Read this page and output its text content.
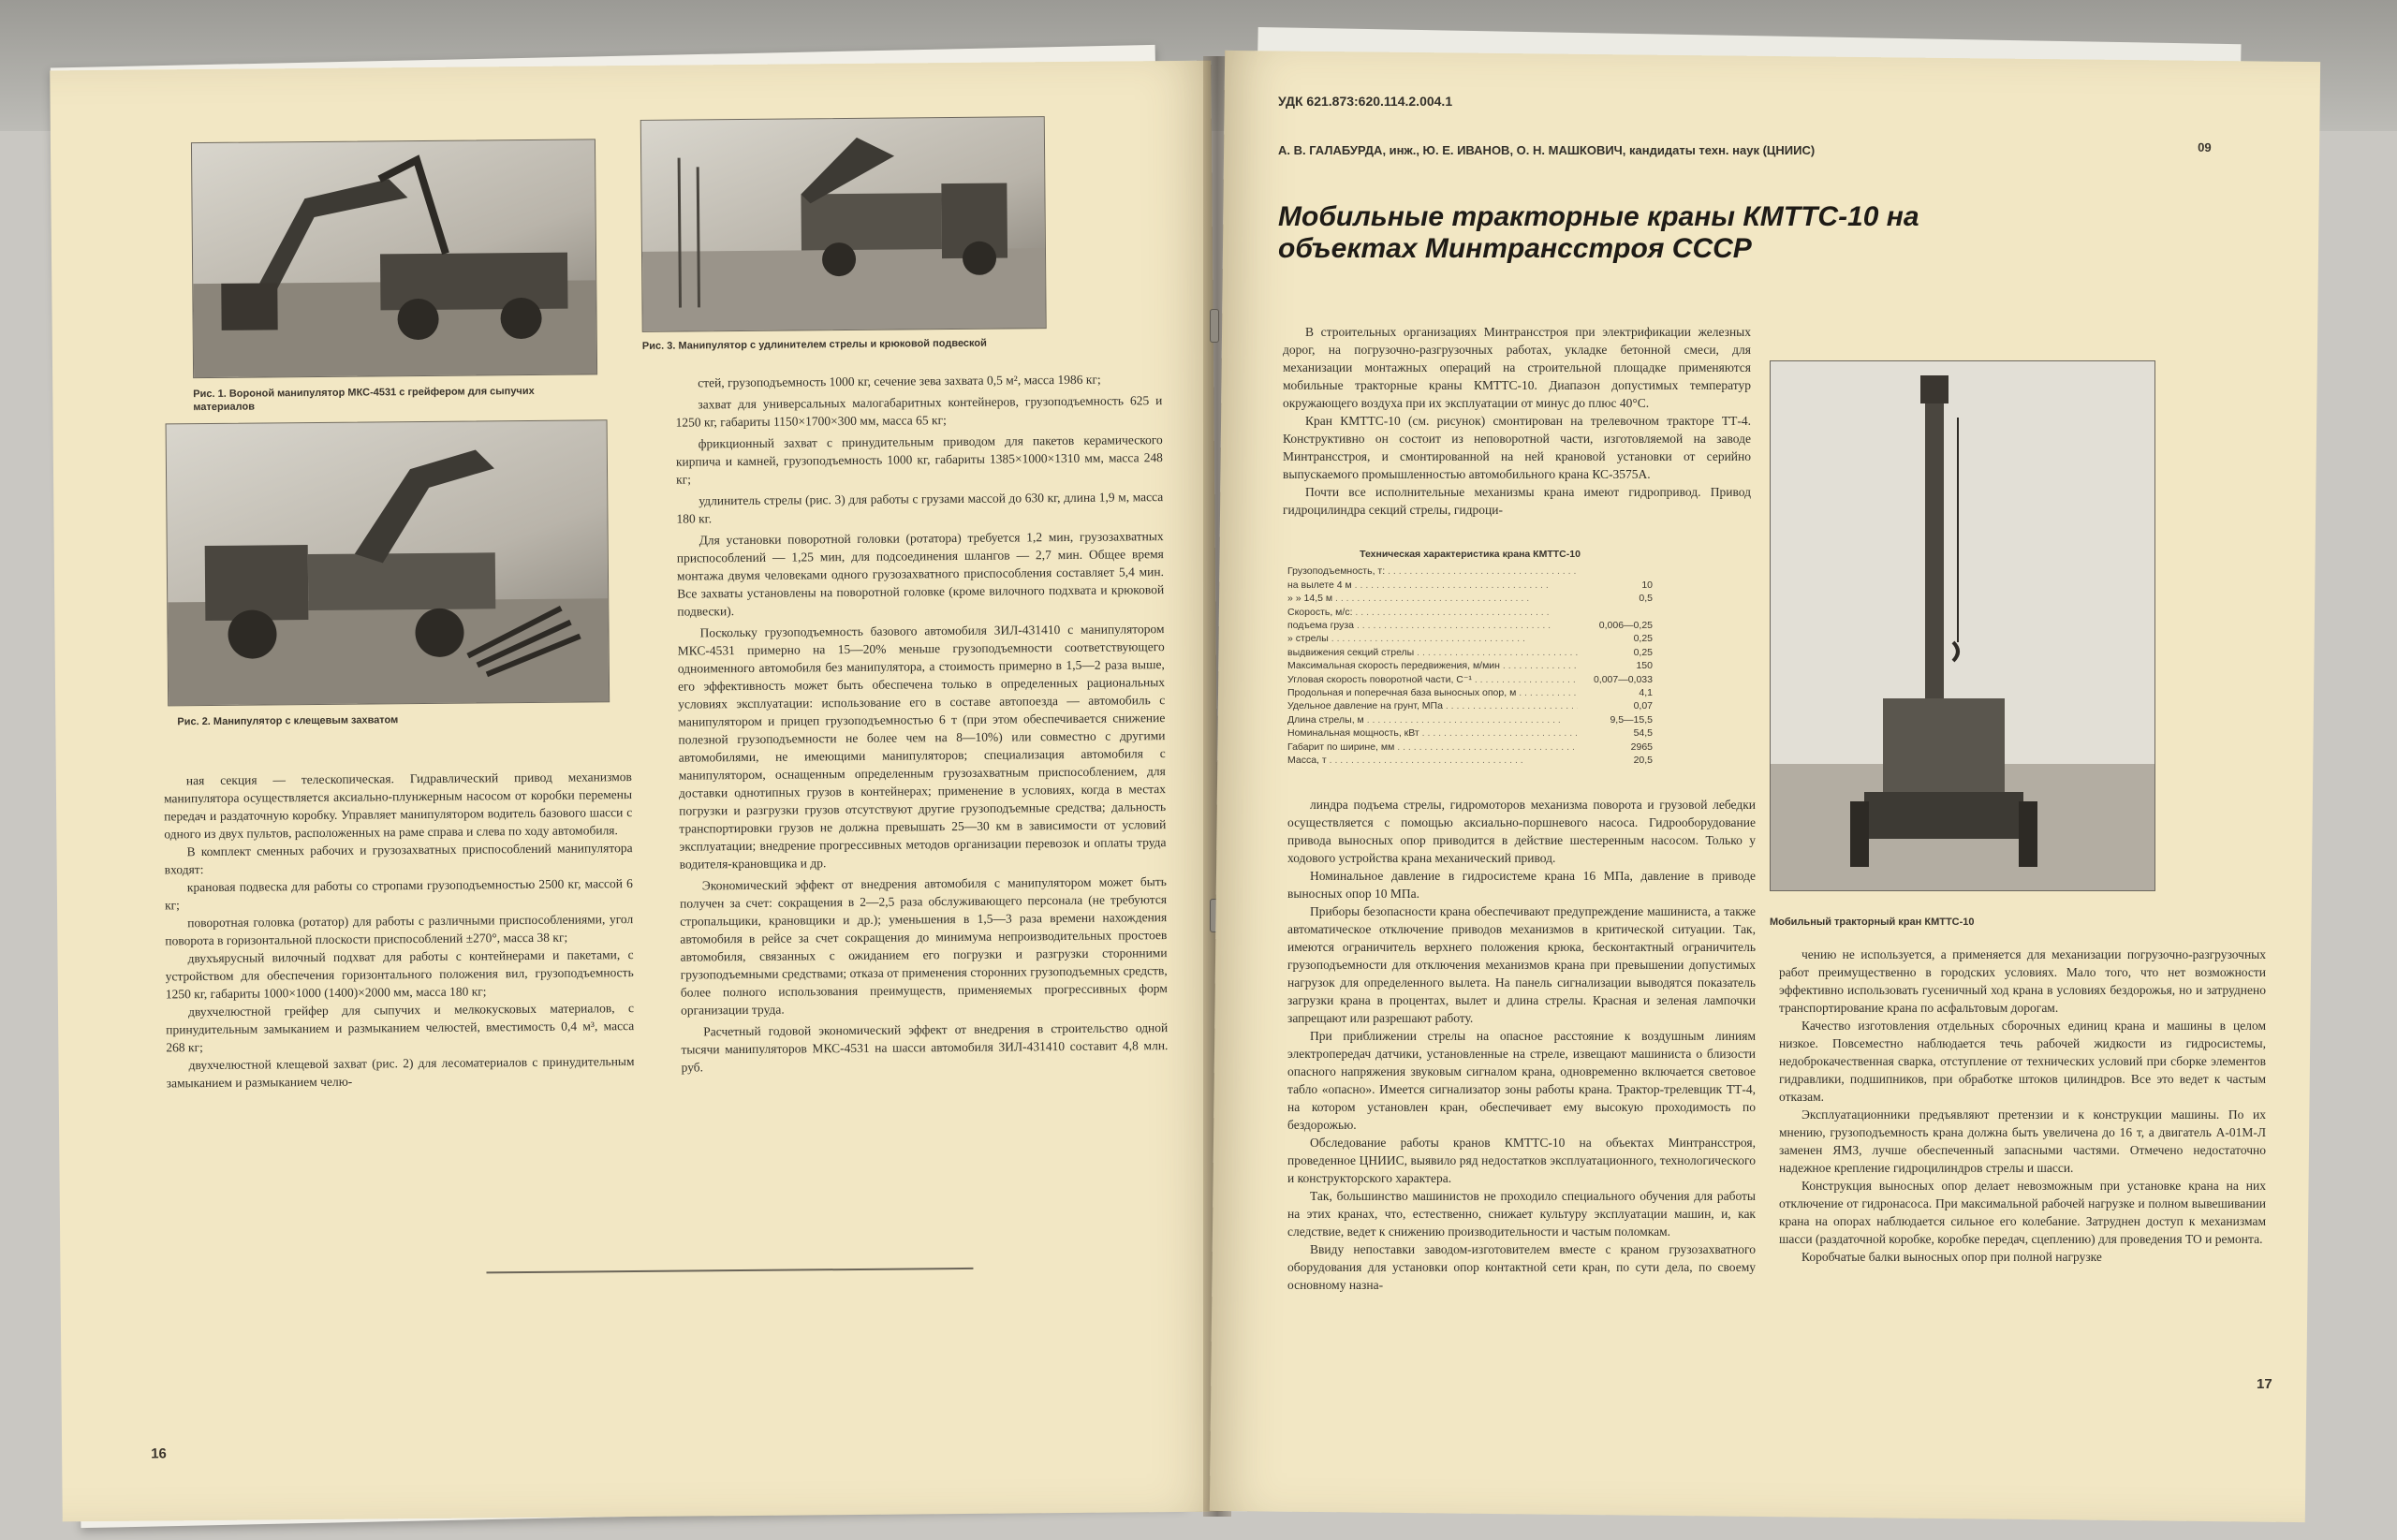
Рис. 1. Вороной манипулятор МКС-4531 с грейфером для сыпучих материалов
Рис. 3. Манипулятор с удлинителем стрелы и крюковой подвеской
Рис. 2. Манипулятор с клещевым захватом

ная секция — телескопическая. Гидравлический привод механизмов манипулятора осуществляется аксиально-плунжерным насосом от коробки перемены передач и раздаточную коробку. Управляет манипулятором водитель базового шасси с одного из двух пультов, расположенных на раме справа и слева по ходу автомобиля.

В комплект сменных рабочих и грузозахватных приспособлений манипулятора входят:

крановая подвеска для работы со стропами грузоподъемностью 2500 кг, массой 6 кг;

поворотная головка (ротатор) для работы с различными приспособлениями, угол поворота в горизонтальной плоскости приспособлений ±270°, масса 38 кг;

двухъярусный вилочный подхват для работы с контейнерами и пакетами, с устройством для обеспечения горизонтального положения вил, грузоподъемность 1250 кг, габариты 1000×1000 (1400)×2000 мм, масса 180 кг;

двухчелюстной грейфер для сыпучих и мелкокусковых материалов, с принудительным замыканием и размыканием челюстей, вместимость 0,4 м³, масса 268 кг;

двухчелюстной клещевой захват (рис. 2) для лесоматериалов с принудительным замыканием и размыканием челю-

стей, грузоподъемность 1000 кг, сечение зева захвата 0,5 м², масса 1986 кг;

захват для универсальных малогабаритных контейнеров, грузоподъемность 625 и 1250 кг, габариты 1150×1700×300 мм, масса 65 кг;

фрикционный захват с принудительным приводом для пакетов керамического кирпича и камней, грузоподъемность 1000 кг, габариты 1385×1000×1310 мм, масса 248 кг;

удлинитель стрелы (рис. 3) для работы с грузами массой до 630 кг, длина 1,9 м, масса 180 кг.

Для установки поворотной головки (ротатора) требуется 1,2 мин, грузозахватных приспособлений — 1,25 мин, для подсоединения шлангов — 2,7 мин. Общее время монтажа двумя человеками одного грузозахватного приспособления составляет 5,4 мин. Все захваты установлены на поворотной головке (кроме вилочного подхвата и крюковой подвески).

Поскольку грузоподъемность базового автомобиля ЗИЛ-431410 с манипулятором МКС-4531 примерно на 15—20% меньше грузоподъемности соответствующего одноименного автомобиля без манипулятора, а стоимость примерно в 1,5—2 раза выше, его эффективность может быть обеспечена только в определенных рациональных условиях эксплуатации: использование его в составе автопоезда — автомобиль с манипулятором и прицеп грузоподъемностью 6 т (при этом обеспечивается снижение полезной грузоподъемности не более чем на 8—10%) или совместно с другими автомобилями, не имеющими манипуляторов; специализация автомобиля с манипулятором, оснащенным определенным грузозахватным приспособлением, для доставки однотипных грузов в контейнерах; применение в условиях, когда в местах погрузки и разгрузки грузов отсутствуют другие грузоподъемные средства; дальность транспортировки грузов не должна превышать 25—30 км в зависимости от условий эксплуатации; внедрение прогрессивных методов организации перевозок и оплаты труда водителя-крановщика и др.

Экономический эффект от внедрения автомобиля с манипулятором может быть получен за счет: сокращения в 2—2,5 раза обслуживающего персонала (не требуются стропальщики, крановщики и др.); уменьшения в 1,5—3 раза времени нахождения автомобиля в рейсе за счет сокращения до минимума непроизводительных простоев автомобиля, связанных с ожиданием его погрузки и разгрузки сторонними грузоподъемными средствами; отказа от применения сторонних грузоподъемных средств, более полного использования преимуществ, применяемых прогрессивных форм организации труда.

Расчетный годовой экономический эффект от внедрения в строительство одной тысячи манипуляторов МКС-4531 на шасси автомобиля ЗИЛ-431410 составит 4,8 млн. руб.

16
09
УДК 621.873:620.114.2.004.1
А. В. ГАЛАБУРДА, инж., Ю. Е. ИВАНОВ, О. Н. МАШКОВИЧ, кандидаты техн. наук (ЦНИИС)
Мобильные тракторные краны КМТТС-10 на объектах Минтрансстроя СССР

В строительных организациях Минтрансстроя при электрификации железных дорог, на погрузочно-разгрузочных работах, укладке бетонной смеси, для механизации монтажных операций на строительной площадке применяются мобильные тракторные краны КМТТС-10. Диапазон допустимых температур окружающего воздуха при их эксплуатации от минус до плюс 40°С.

Кран КМТТС-10 (см. рисунок) смонтирован на трелевочном тракторе ТТ-4. Конструктивно он состоит из неповоротной части, изготовляемой на заводе Минтрансстроя, и смонтированной на ней крановой установки от серийно выпускаемого промышленностью автомобильного крана КС-3575А.

Почти все исполнительные механизмы крана имеют гидропривод. Привод гидроцилиндра секций стрелы, гидроци-

Техническая характеристика крана КМТТС-10
Грузоподъемность, т: . . .
на вылете 4 м . . .	10
» » 14,5 м . . .	0,5
Скорость, м/с: . . .
подъема груза . . .	0,006—0,25
» стрелы . . .	0,25
выдвижения секций стрелы . . .	0,25
Максимальная скорость передвижения, м/мин . . .	150
Угловая скорость поворотной части, С⁻¹ . . .	0,007—0,033
Продольная и поперечная база выносных опор, м . . .	4,1
Удельное давление на грунт, МПа . . .	0,07
Длина стрелы, м . . .	9,5—15,5
Номинальная мощность, кВт . . .	54,5
Габарит по ширине, мм . . .	2965
Масса, т . . .	20,5
Мобильный тракторный кран КМТТС-10

линдра подъема стрелы, гидромоторов механизма поворота и грузовой лебедки осуществляется с помощью аксиально-поршневого насоса. Гидрооборудование привода выносных опор приводится в действие шестеренным насосом. Только у ходового устройства крана механический привод.

Номинальное давление в гидросистеме крана 16 МПа, давление в приводе выносных опор 10 МПа.

Приборы безопасности крана обеспечивают предупреждение машиниста, а также автоматическое отключение приводов механизмов в критической ситуации. Так, имеются ограничитель верхнего положения крюка, бесконтактный ограничитель грузоподъемности для отключения механизмов крана при превышении допустимых нагрузок для определенного вылета. На панель сигнализации выводятся показатель загрузки крана в процентах, вылет и длина стрелы. Красная и зеленая лампочки запрещают или разрешают работу.

При приближении стрелы на опасное расстояние к воздушным линиям электропередач датчики, установленные на стреле, извещают машиниста о близости опасного напряжения звуковым сигналом крана, одновременно включается световое табло «опасно». Имеется сигнализатор зоны работы крана. Трактор-трелевщик ТТ-4, на котором установлен кран, обеспечивает ему высокую проходимость по бездорожью.

Обследование работы кранов КМТТС-10 на объектах Минтрансстроя, проведенное ЦНИИС, выявило ряд недостатков эксплуатационного, технологического и конструкторского характера.

Так, большинство машинистов не проходило специального обучения для работы на этих кранах, что, естественно, снижает культуру эксплуатации машин, и, как следствие, ведет к снижению производительности и частым поломкам.

Ввиду непоставки заводом-изготовителем вместе с краном грузозахватного оборудования для установки опор контактной сети кран, по сути дела, по своему основному назна-

чению не используется, а применяется для механизации погрузочно-разгрузочных работ преимущественно в городских условиях. Мало того, что нет возможности эффективно использовать гусеничный ход крана в условиях бездорожья, но и затруднено транспортирование крана по асфальтовым дорогам.

Качество изготовления отдельных сборочных единиц крана и машины в целом низкое. Повсеместно наблюдается течь рабочей жидкости из гидросистемы, недоброкачественная сварка, отступление от технических условий при сборке элементов гидравлики, подшипников, при обработке штоков цилиндров. Все это ведет к частым отказам.

Эксплуатационники предъявляют претензии и к конструкции машины. По их мнению, грузоподъемность крана должна быть увеличена до 16 т, а двигатель А-01М-Л заменен ЯМЗ, лучше обеспеченный запасными частями. Отмечено недостаточно надежное крепление гидроцилиндров стрелы и шасси.

Конструкция выносных опор делает невозможным при установке крана на них отключение от гидронасоса. При максимальной рабочей нагрузке и полном вывешивании крана на опорах наблюдается сильное его колебание. Затруднен доступ к механизмам шасси (раздаточной коробке, коробке передач, сцеплению) для проведения ТО и ремонта.

Коробчатые балки выносных опор при полной нагрузке

17
